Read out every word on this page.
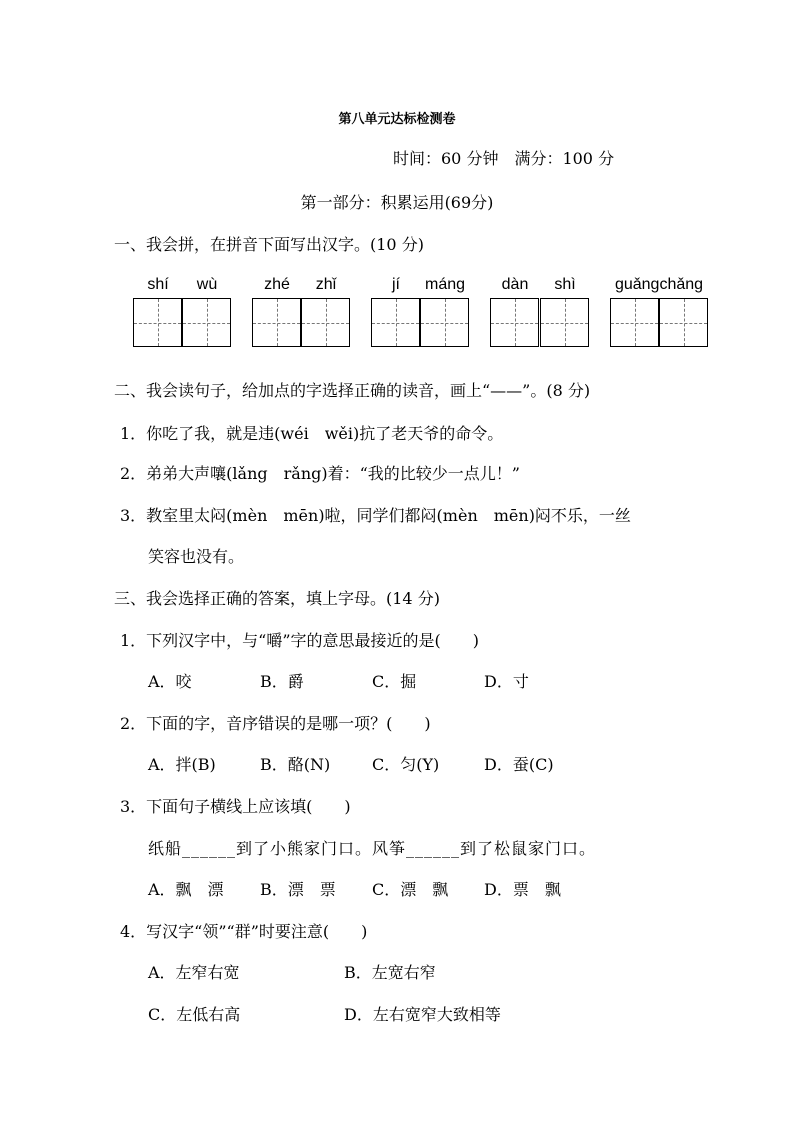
第八单元达标检测卷
时间：60 分钟　满分：100 分
第一部分：积累运用(69分)
一、我会拼，在拼音下面写出汉字。(10 分)
shí	wù	zhé	zhǐ	jí	máng	dàn	shì	guǎngchǎng
二、我会读句子，给加点的字选择正确的读音，画上“——”。(8 分)
1．你吃了我，就是违(wéi　wěi)抗了老天爷的命令。
2．弟弟大声嚷(lǎng　rǎng)着：“我的比较少一点儿！”
3．教室里太闷(mèn　mēn)啦，同学们都闷(mèn　mēn)闷不乐，一丝
笑容也没有。
三、我会选择正确的答案，填上字母。(14 分)
1．下列汉字中，与“嚼”字的意思最接近的是(　　)
A．咬	B．爵	C．掘	D．寸
2．下面的字，音序错误的是哪一项？(　　)
A．拌(B)	B．酪(N)	C．匀(Y)	D．蚕(C)
3．下面句子横线上应该填(　　)
纸船______到了小熊家门口。风筝______到了松鼠家门口。
A．飘　漂 B．漂　票 C．漂　飘 D．票　飘
4．写汉字“领”“群”时要注意(　　)
A．左窄右宽	B．左宽右窄
C．左低右高	D．左右宽窄大致相等
